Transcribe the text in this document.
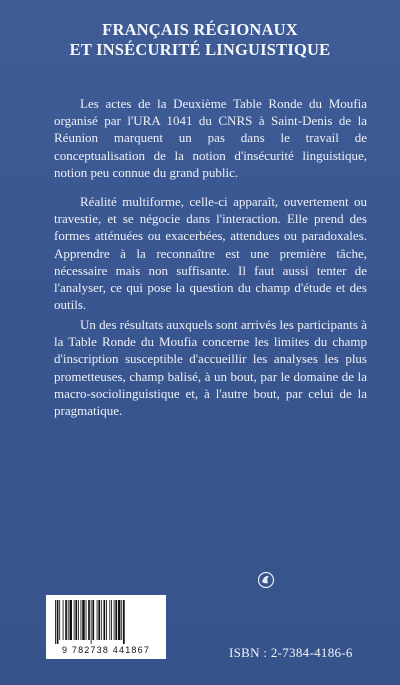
FRANÇAIS RÉGIONAUX
ET INSÉCURITÉ LINGUISTIQUE

Les actes de la Deuxième Table Ronde du Moufia organisé par l'URA 1041 du CNRS à Saint-Denis de la Réunion marquent un pas dans le travail de conceptualisation de la notion d'insécurité linguistique, notion peu connue du grand public.

Réalité multiforme, celle-ci apparaît, ouvertement ou travestie, et se négocie dans l'interaction. Elle prend des formes atténuées ou exacerbées, attendues ou paradoxales. Apprendre à la reconnaître est une première tâche, nécessaire mais non suffisante. Il faut aussi tenter de l'analyser, ce qui pose la question du champ d'étude et des outils.

Un des résultats auxquels sont arrivés les participants à la Table Ronde du Moufia concerne les limites du champ d'inscription susceptible d'accueillir les analyses les plus prometteuses, champ balisé, à un bout, par le domaine de la macro-sociolinguistique et, à l'autre bout, par celui de la pragmatique.

9 782738 441867	ISBN : 2-7384-4186-6
